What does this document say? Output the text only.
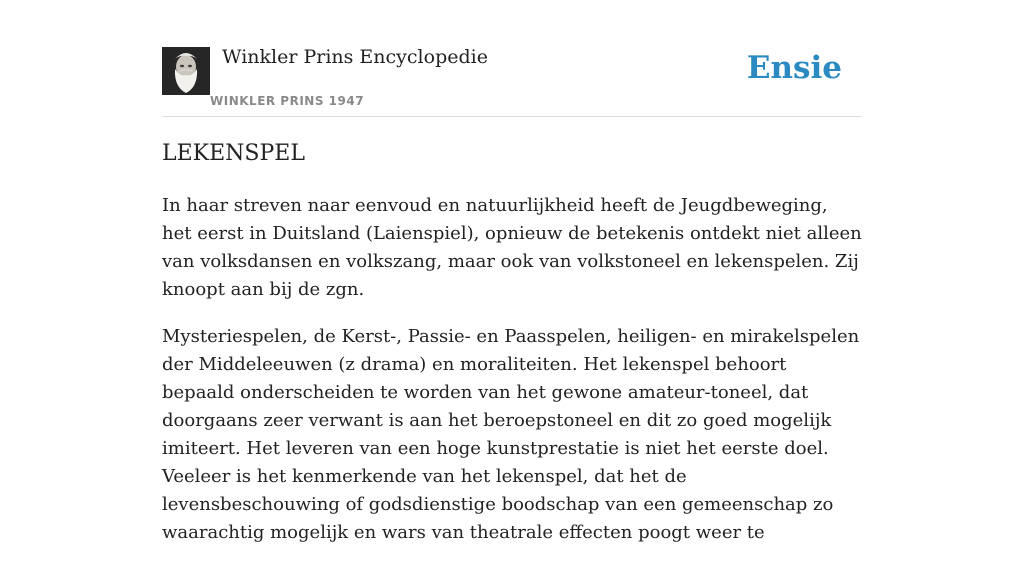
Winkler Prins Encyclopedie
WINKLER PRINS 1947
Ensie
LEKENSPEL

In haar streven naar eenvoud en natuurlijkheid heeft de Jeugdbeweging, het eerst in Duitsland (Laienspiel), opnieuw de betekenis ontdekt niet alleen van volksdansen en volkszang, maar ook van volkstoneel en lekenspelen. Zij knoopt aan bij de zgn.

Mysteriespelen, de Kerst-, Passie- en Paasspelen, heiligen- en mirakelspelen der Middeleeuwen (z drama) en moraliteiten. Het lekenspel behoort bepaald onderscheiden te worden van het gewone amateur-toneel, dat doorgaans zeer verwant is aan het beroepstoneel en dit zo goed mogelijk imiteert. Het leveren van een hoge kunstprestatie is niet het eerste doel. Veeleer is het kenmerkende van het lekenspel, dat het de levensbeschouwing of godsdienstige boodschap van een gemeenschap zo waarachtig mogelijk en wars van theatrale effecten poogt weer te
